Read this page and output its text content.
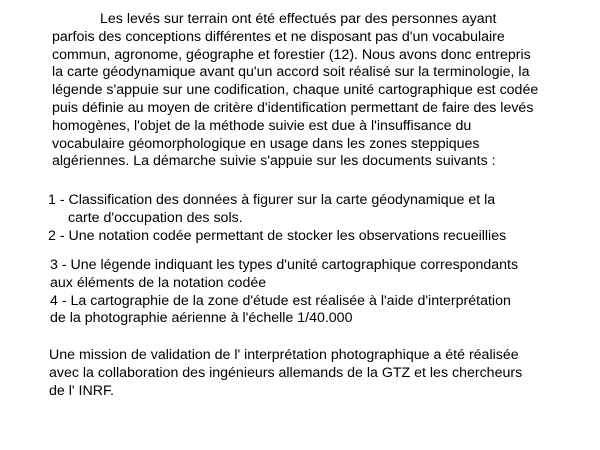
Les levés sur terrain ont été effectués par des personnes ayant
parfois des conceptions différentes et ne disposant pas d'un vocabulaire
commun, agronome, géographe et forestier (12). Nous avons donc entrepris
la carte géodynamique avant qu'un accord soit réalisé sur la terminologie, la
légende s'appuie sur une codification, chaque unité cartographique est codée
puis définie au moyen de critère d'identification permettant de faire des levés
homogènes, l'objet de la méthode suivie est due à l'insuffisance du
vocabulaire géomorphologique en usage dans les zones steppiques
algériennes. La démarche suivie s'appuie sur les documents suivants :
1 - Classification des données à figurer sur la carte géodynamique et la
carte d'occupation des sols.
2 - Une notation codée permettant de stocker les observations recueillies
3 - Une légende indiquant les types d'unité cartographique correspondants
aux éléments de la notation codée
4 - La cartographie de la zone d'étude est réalisée à l'aide d'interprétation
de la photographie aérienne à l'échelle 1/40.000
Une mission de validation de l' interprétation photographique a été réalisée
avec la collaboration des ingénieurs allemands de la GTZ et les chercheurs
de l' INRF.
